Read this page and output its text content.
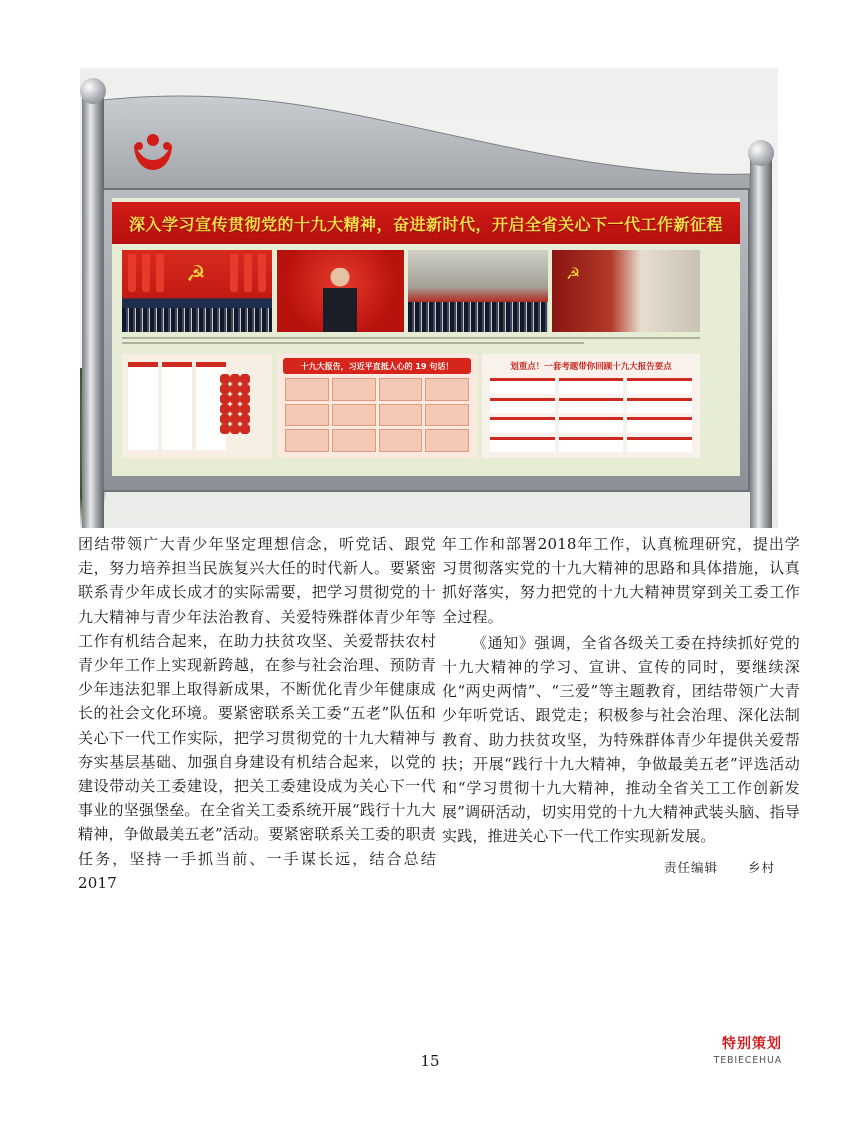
深入学习宣传贯彻党的十九大精神，奋进新时代，开启全省关心下一代工作新征程
☭	☭
十九大报告，习近平直抵人心的 19 句话！	划重点！一套考题带你回顾十九大报告要点

团结带领广大青少年坚定理想信念，听党话、跟党走，努力培养担当民族复兴大任的时代新人。要紧密联系青少年成长成才的实际需要，把学习贯彻党的十九大精神与青少年法治教育、关爱特殊群体青少年等工作有机结合起来，在助力扶贫攻坚、关爱帮扶农村青少年工作上实现新跨越，在参与社会治理、预防青少年违法犯罪上取得新成果，不断优化青少年健康成长的社会文化环境。要紧密联系关工委“五老”队伍和关心下一代工作实际，把学习贯彻党的十九大精神与夯实基层基础、加强自身建设有机结合起来，以党的建设带动关工委建设，把关工委建设成为关心下一代事业的坚强堡垒。在全省关工委系统开展“践行十九大精神，争做最美五老”活动。要紧密联系关工委的职责任务，坚持一手抓当前、一手谋长远，结合总结2017

年工作和部署2018年工作，认真梳理研究，提出学习贯彻落实党的十九大精神的思路和具体措施，认真抓好落实，努力把党的十九大精神贯穿到关工委工作全过程。

《通知》强调，全省各级关工委在持续抓好党的十九大精神的学习、宣讲、宣传的同时，要继续深化“两史两情”、“三爱”等主题教育，团结带领广大青少年听党话、跟党走；积极参与社会治理、深化法制教育、助力扶贫攻坚，为特殊群体青少年提供关爱帮扶；开展“践行十九大精神，争做最美五老”评选活动和“学习贯彻十九大精神，推动全省关工工作创新发展”调研活动，切实用党的十九大精神武装头脑、指导实践，推进关心下一代工作实现新发展。

责任编辑 乡村
15
特别策划
TEBIECEHUA
